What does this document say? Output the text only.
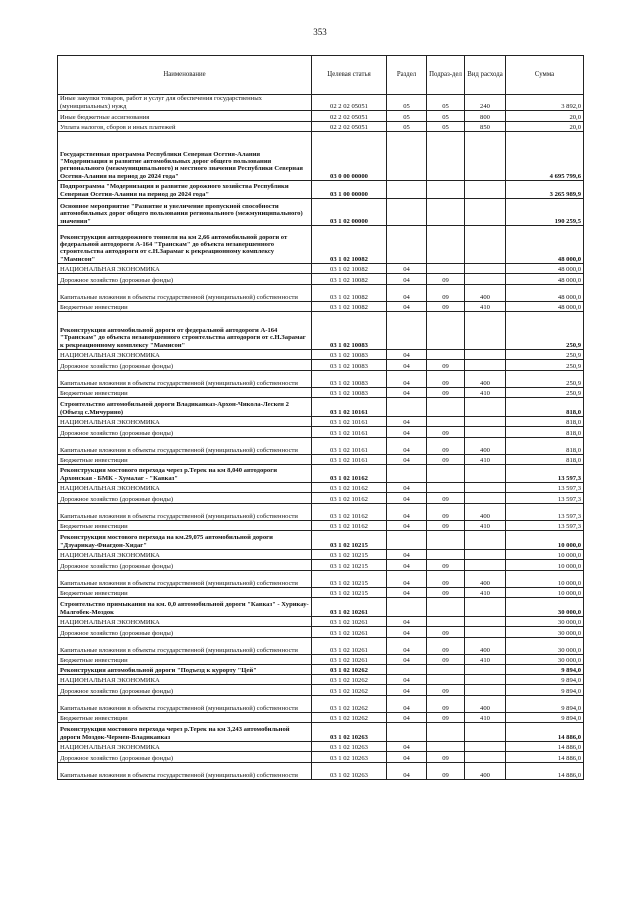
353
Наименование	Целевая статья	Раздел	Подраз-дел	Вид расхода	Сумма
Иные закупки товаров, работ и услуг для обеспечения государственных (муниципальных) нужд	02 2 02 05051	05	05	240	3 892,0
Иные бюджетные ассигнования	02 2 02 05051	05	05	800	20,0
Уплата налогов, сборов и иных платежей	02 2 02 05051	05	05	850	20,0
Государственная программа Республики Северная Осетия-Алания "Модернизация и развитие автомобильных дорог общего пользования регионального (межмуниципального) и местного значения Республики Северная Осетия-Алания на период до 2024 года"	03 0 00 00000				4 695 799,6
Подпрограмма "Модернизация и развитие дорожного хозяйства Республики Северная Осетия-Алания на период до 2024 года"	03 1 00 00000				3 265 989,9
Основное мероприятие "Развитие и увеличение пропускной способности автомобильных дорог общего пользования регионального (межмуниципального) значения"	03 1 02 00000				190 259,5
Реконструкция автодорожного тоннеля на км 2,66 автомобильной дороги от федеральной автодороги А-164 "Транскам" до объекта незавершенного строительства автодороги от с.Н.Зарамаг к рекреационному комплексу "Мамисон"	03 1 02 10082				48 000,0
НАЦИОНАЛЬНАЯ ЭКОНОМИКА	03 1 02 10082	04			48 000,0
Дорожное хозяйство (дорожные фонды)	03 1 02 10082	04	09		48 000,0
Капитальные вложения в объекты государственной (муниципальной) собственности	03 1 02 10082	04	09	400	48 000,0
Бюджетные инвестиции	03 1 02 10082	04	09	410	48 000,0
Реконструкция автомобильной дороги от федеральной автодороги А-164 "Транскам" до объекта незавершенного строительства автодороги от с.Н.Зарамаг к рекреационному комплексу "Мамисон"	03 1 02 10083				250,9
НАЦИОНАЛЬНАЯ ЭКОНОМИКА	03 1 02 10083	04			250,9
Дорожное хозяйство (дорожные фонды)	03 1 02 10083	04	09		250,9
Капитальные вложения в объекты государственной (муниципальной) собственности	03 1 02 10083	04	09	400	250,9
Бюджетные инвестиции	03 1 02 10083	04	09	410	250,9
Строительство автомобильной дороги Владикавказ-Архон-Чикола-Лескен 2 (Объезд с.Мичурино)	03 1 02 10161				818,0
НАЦИОНАЛЬНАЯ ЭКОНОМИКА	03 1 02 10161	04			818,0
Дорожное хозяйство (дорожные фонды)	03 1 02 10161	04	09		818,0
Капитальные вложения в объекты государственной (муниципальной) собственности	03 1 02 10161	04	09	400	818,0
Бюджетные инвестиции	03 1 02 10161	04	09	410	818,0
Реконструкция мостового перехода через р.Терек на км 8,040 автодороги Архонская - БМК - Хумалаг - "Кавказ"	03 1 02 10162				13 597,3
НАЦИОНАЛЬНАЯ ЭКОНОМИКА	03 1 02 10162	04			13 597,3
Дорожное хозяйство (дорожные фонды)	03 1 02 10162	04	09		13 597,3
Капитальные вложения в объекты государственной (муниципальной) собственности	03 1 02 10162	04	09	400	13 597,3
Бюджетные инвестиции	03 1 02 10162	04	09	410	13 597,3
Реконструкция мостового перехода на км.29,075 автомобильной дороги "Дзуарикау-Фиагдон-Хидаг"	03 1 02 10215				10 000,0
НАЦИОНАЛЬНАЯ ЭКОНОМИКА	03 1 02 10215	04			10 000,0
Дорожное хозяйство (дорожные фонды)	03 1 02 10215	04	09		10 000,0
Капитальные вложения в объекты государственной (муниципальной) собственности	03 1 02 10215	04	09	400	10 000,0
Бюджетные инвестиции	03 1 02 10215	04	09	410	10 000,0
Строительство примыкания на км. 0,0 автомобильной дороги "Кавказ" - Хурикау-Малгобек-Моздок	03 1 02 10261				30 000,0
НАЦИОНАЛЬНАЯ ЭКОНОМИКА	03 1 02 10261	04			30 000,0
Дорожное хозяйство (дорожные фонды)	03 1 02 10261	04	09		30 000,0
Капитальные вложения в объекты государственной (муниципальной) собственности	03 1 02 10261	04	09	400	30 000,0
Бюджетные инвестиции	03 1 02 10261	04	09	410	30 000,0
Реконструкция автомобильной дороги "Подъезд к курорту "Цей"	03 1 02 10262				9 894,0
НАЦИОНАЛЬНАЯ ЭКОНОМИКА	03 1 02 10262	04			9 894,0
Дорожное хозяйство (дорожные фонды)	03 1 02 10262	04	09		9 894,0
Капитальные вложения в объекты государственной (муниципальной) собственности	03 1 02 10262	04	09	400	9 894,0
Бюджетные инвестиции	03 1 02 10262	04	09	410	9 894,0
Реконструкция мостового перехода через р.Терек на км 3,243 автомобильной дороги Моздок-Чермен-Владикавказ	03 1 02 10263				14 886,0
НАЦИОНАЛЬНАЯ ЭКОНОМИКА	03 1 02 10263	04			14 886,0
Дорожное хозяйство (дорожные фонды)	03 1 02 10263	04	09		14 886,0
Капитальные вложения в объекты государственной (муниципальной) собственности	03 1 02 10263	04	09	400	14 886,0
